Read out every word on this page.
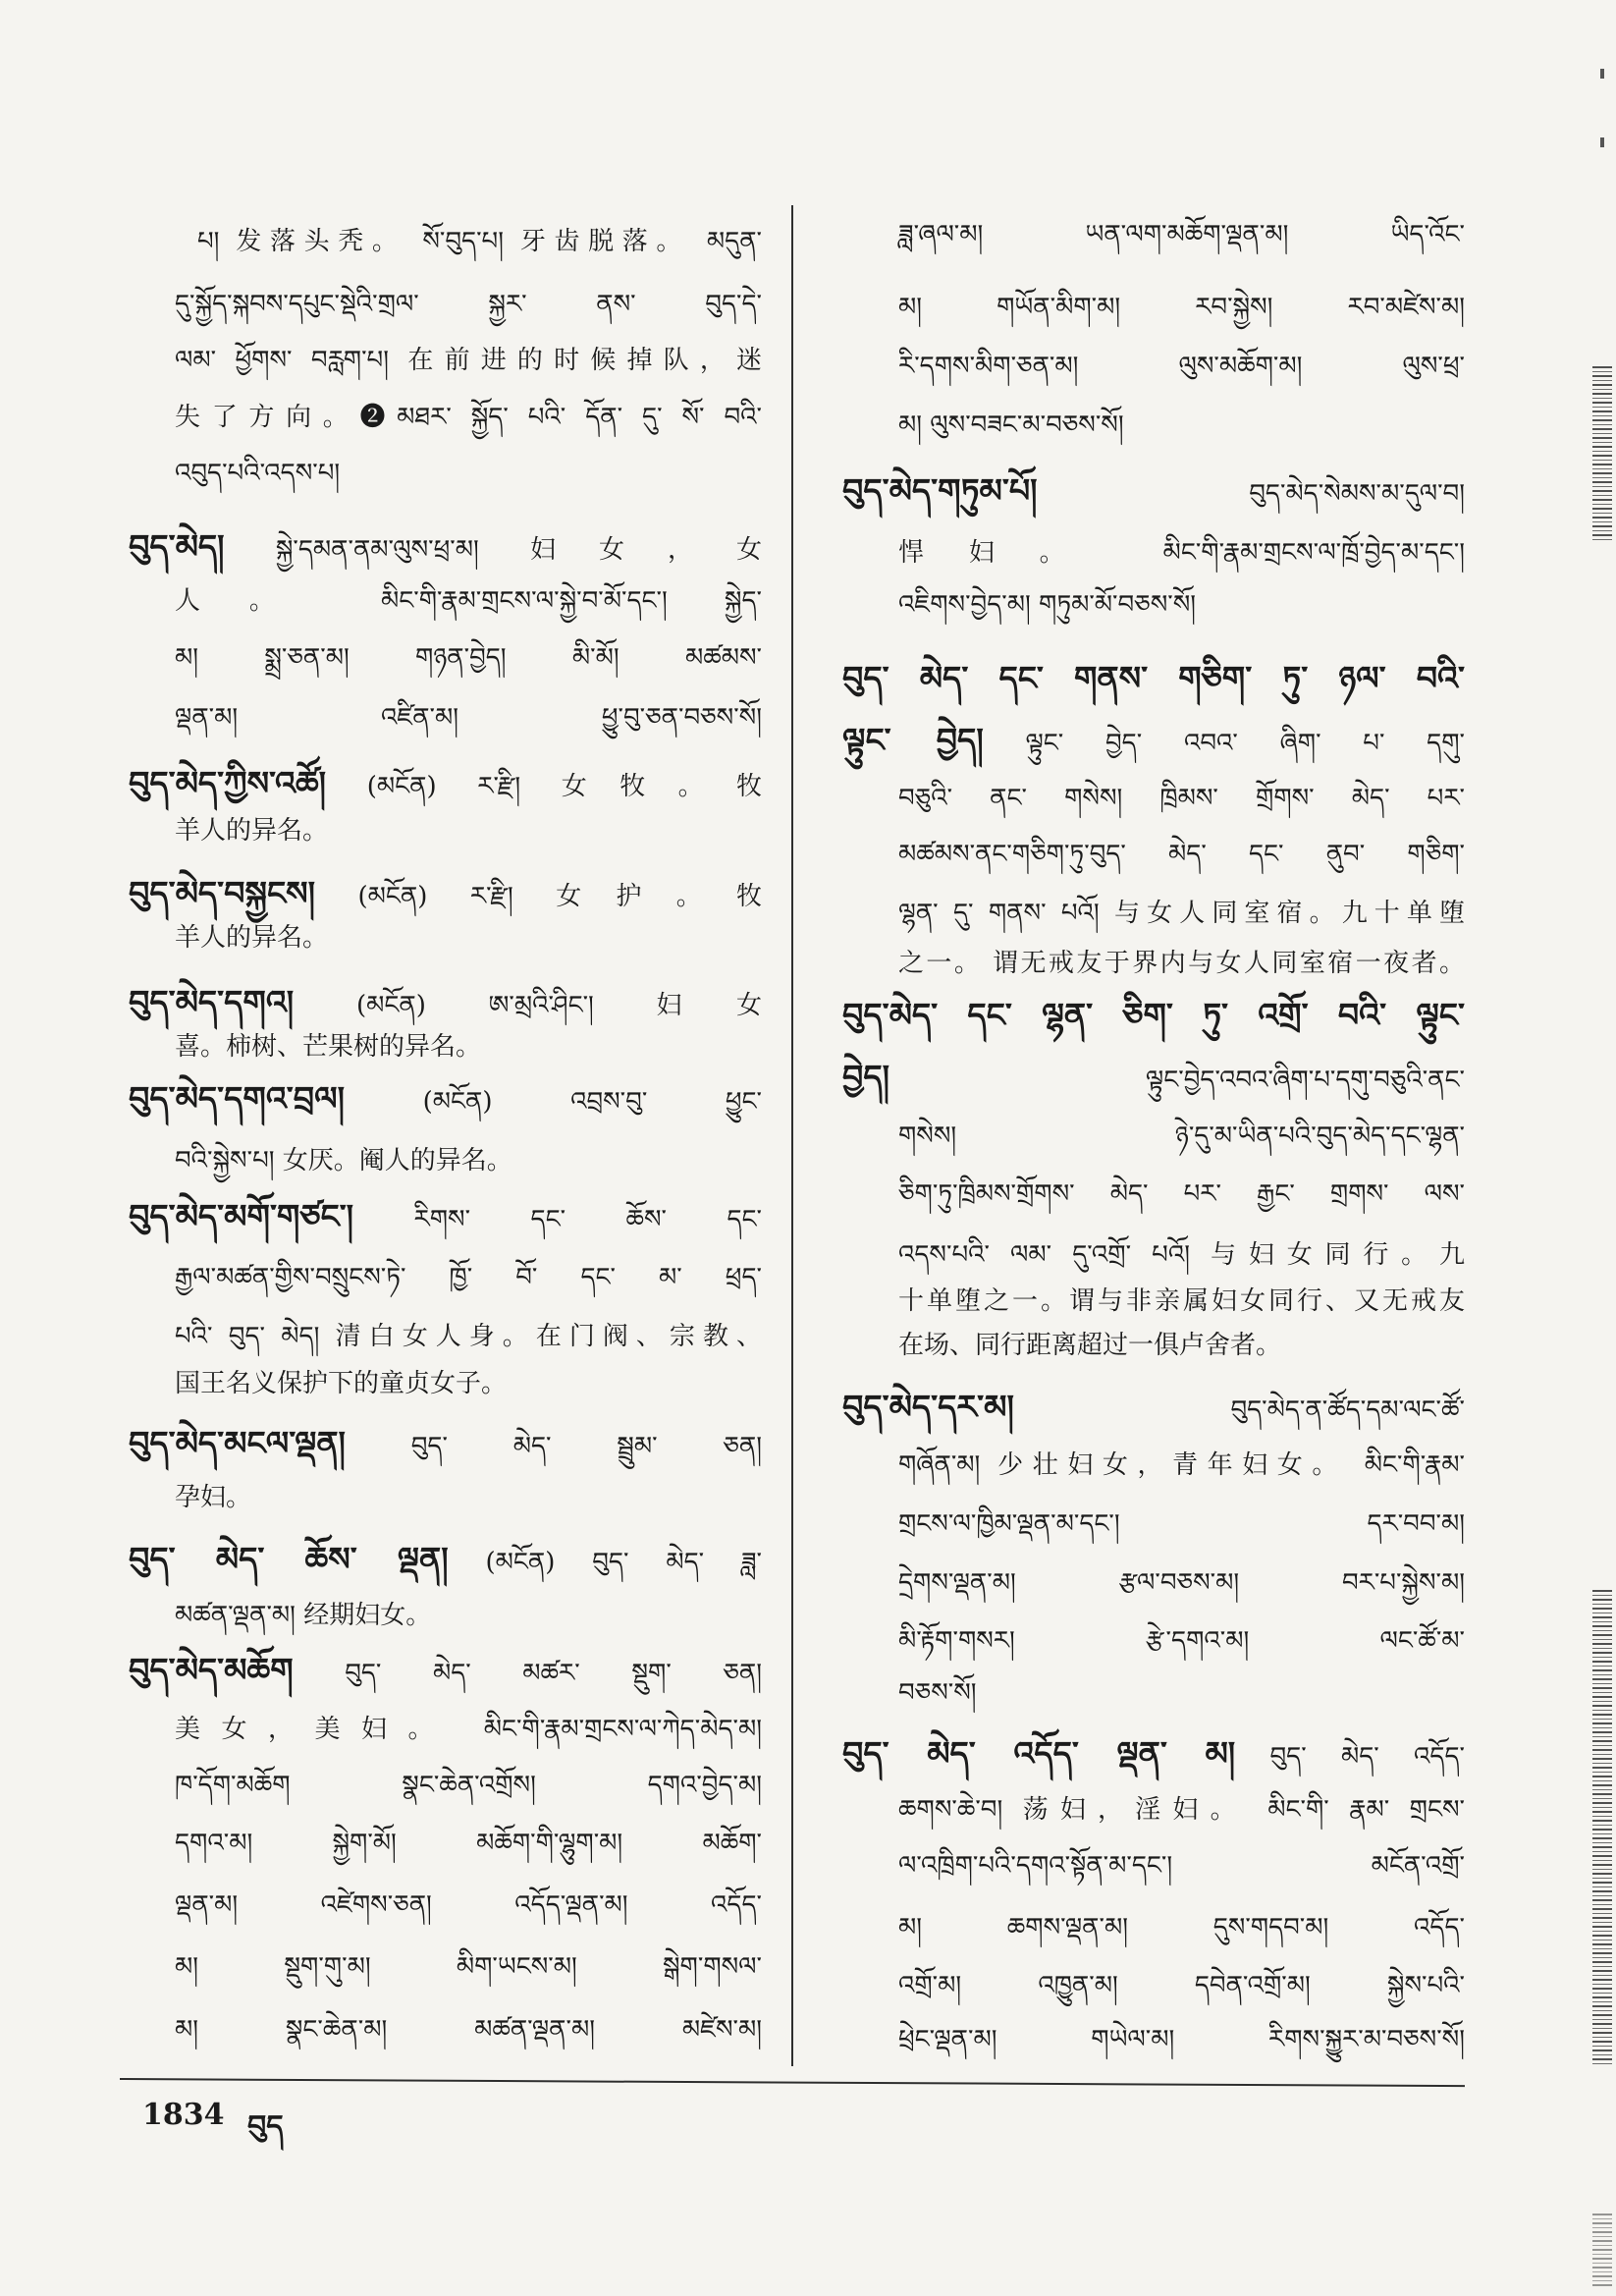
པ། 发落头秃。 སོ་བུད་པ། 牙齿脱落。 མདུན་
དུ་སྐྱོད་སྐབས་དཔུང་སྡེའི་གྲལ་ སྐྱར་ ནས་ བུད་དེ་
ལམ་ ཕྱོགས་ བརླག་པ། 在前进的时候掉队，迷
失了方向。❷མཐར་ སྐྱོད་ པའི་ དོན་ དུ་ སོ་ བའི་
འབུད་པའི་འདས་པ།
བུད་མེད། སྐྱེ་དམན་ནམ་ལུས་ཕྲ་མ། 妇女，女
人。 མིང་གི་རྣམ་གྲངས་ལ་སྐྱེ་བ་མོ་དང་། སྐྱེད་
མ། སྨྲ་ཅན་མ། གཉན་བྱེད། མི་མོ། མཚམས་
ལྡན་མ། འཛིན་མ། ཕྱུ་བུ་ཅན་བཅས་སོ།
བུད་མེད་ཀྱིས་འཚོ། (མངོན) ར་རྫི། 女牧。牧
羊人的异名。
བུད་མེད་བསྐྱངས། (མངོན) ར་རྫི། 女护。牧
羊人的异名。
བུད་མེད་དགའ། (མངོན) ཨ་མྲའི་ཤིང་། 妇女
喜。柿树、芒果树的异名。
བུད་མེད་དགའ་བྲལ།	(མངོན) འབྲས་བུ་ ཕྱུང་
བའི་སྐྱེས་པ། 女厌。阉人的异名。
བུད་མེད་མགོ་གཙང་། རིགས་ དང་ ཆོས་ དང་
རྒྱལ་མཚན་གྱིས་བསྲུངས་ཏེ་ ཁྱོ་ བོ་ དང་ མ་ ཕྲད་
པའི་ བུད་ མེད། 清白女人身。在门阀、宗教、
国王名义保护下的童贞女子。
བུད་མེད་མངལ་ལྡན།	བུད་ མེད་ སྦྲུམ་ ཅན།
孕妇。
བུད་ མེད་ ཆོས་ ལྡན། (མངོན) བུད་ མེད་ ཟླ་
མཚན་ལྡན་མ། 经期妇女。
བུད་མེད་མཆོག བུད་ མེད་ མཚར་ སྡུག་ ཅན།
美女，美妇。 མིང་གི་རྣམ་གྲངས་ལ་ཀེད་མེད་མ།
ཁ་དོག་མཆོག སྣང་ཆེན་འགྲོས། དགའ་བྱེད་མ།
དགའ་མ། སྐྱེག་མོ། མཆོག་གི་ལྷུག་མ། མཆོག་
ལྡན་མ། འཛེགས་ཅན། འདོད་ལྡན་མ། འདོད་
མ། སྡུག་གུ་མ། མིག་ཡངས་མ། སྒེག་གསལ་
མ། སྣང་ཆེན་མ། མཚན་ལྡན་མ། མཛེས་མ།
ཟླ་ཞལ་མ། ཡན་ལག་མཆོག་ལྡན་མ། ཡིད་འོང་
མ། གཡོན་མིག་མ། རབ་སྐྱེས། རབ་མཛེས་མ།
རི་དགས་མིག་ཅན་མ། ལུས་མཆོག་མ། ལུས་ཕྲ་
མ། ལུས་བཟང་མ་བཅས་སོ།
བུད་མེད་གཏུམ་པོ།	བུད་མེད་སེམས་མ་དུལ་བ།
悍妇。 མིང་གི་རྣམ་གྲངས་ལ་ཁྲོ་བྱེད་མ་དང་།
འཇིགས་བྱེད་མ། གཏུམ་མོ་བཅས་སོ།
བུད་ མེད་ དང་ གནས་ གཅིག་ ཏུ་ ཉལ་ བའི་
ལྟུང་ བྱེད། ལྟུང་ བྱེད་ འབའ་ ཞིག་ པ་ དགུ་
བཅུའི་ ནང་ གསེས། ཁྲིམས་ གྲོགས་ མེད་ པར་
མཚམས་ནང་གཅིག་ཏུ་བུད་ མེད་ དང་ ནུབ་ གཅིག་
ལྷན་ དུ་ གནས་ པའོ། 与女人同室宿。九十单堕
之一。 谓无戒友于界内与女人同室宿一夜者。
བུད་མེད་ དང་ ལྷན་ ཅིག་ ཏུ་ འགྲོ་ བའི་ ལྟུང་
བྱེད།	ལྟུང་བྱེད་འབའ་ཞིག་པ་དགུ་བཅུའི་ནང་
གསེས། ཉེ་དུ་མ་ཡིན་པའི་བུད་མེད་དང་ལྷན་
ཅིག་ཏུ་ཁྲིམས་གྲོགས་ མེད་ པར་ རྒྱང་ གྲགས་ ལས་
འདས་པའི་ ལམ་ དུ་འགྲོ་ པའོ། 与妇女同行。九
十单堕之一。谓与非亲属妇女同行、又无戒友
在场、同行距离超过一俱卢舍者。
བུད་མེད་དར་མ།	བུད་མེད་ན་ཚོད་དམ་ལང་ཚོ་
གཞོན་མ། 少壮妇女，青年妇女。 མིང་གི་རྣམ་
གྲངས་ལ་ཁྱིམ་ལྡན་མ་དང་། དར་བབ་མ།
དྲེགས་ལྡན་མ། རྩལ་བཅས་མ། བར་པ་སྐྱེས་མ།
མི་རྟོག་གསར། རྩེ་དགའ་མ། ལང་ཚོ་མ་
བཅས་སོ།
བུད་ མེད་ འདོད་ ལྡན་ མ། བུད་ མེད་ འདོད་
ཆགས་ཆེ་བ། 荡妇，淫妇。 མིང་གི་ རྣམ་ གྲངས་
ལ་འཁྲིག་པའི་དགའ་སྟོན་མ་དང་། མངོན་འགྲོ་
མ། ཆགས་ལྡན་མ། དུས་གདབ་མ། འདོད་
འགྲོ་མ། འཁྱུན་མ། དབེན་འགྲོ་མ། སྐྱེས་པའི་
ཕྲེང་ལྡན་མ། གཡེལ་མ། རིགས་སྐྱུར་མ་བཅས་སོ།
1834 བུད
